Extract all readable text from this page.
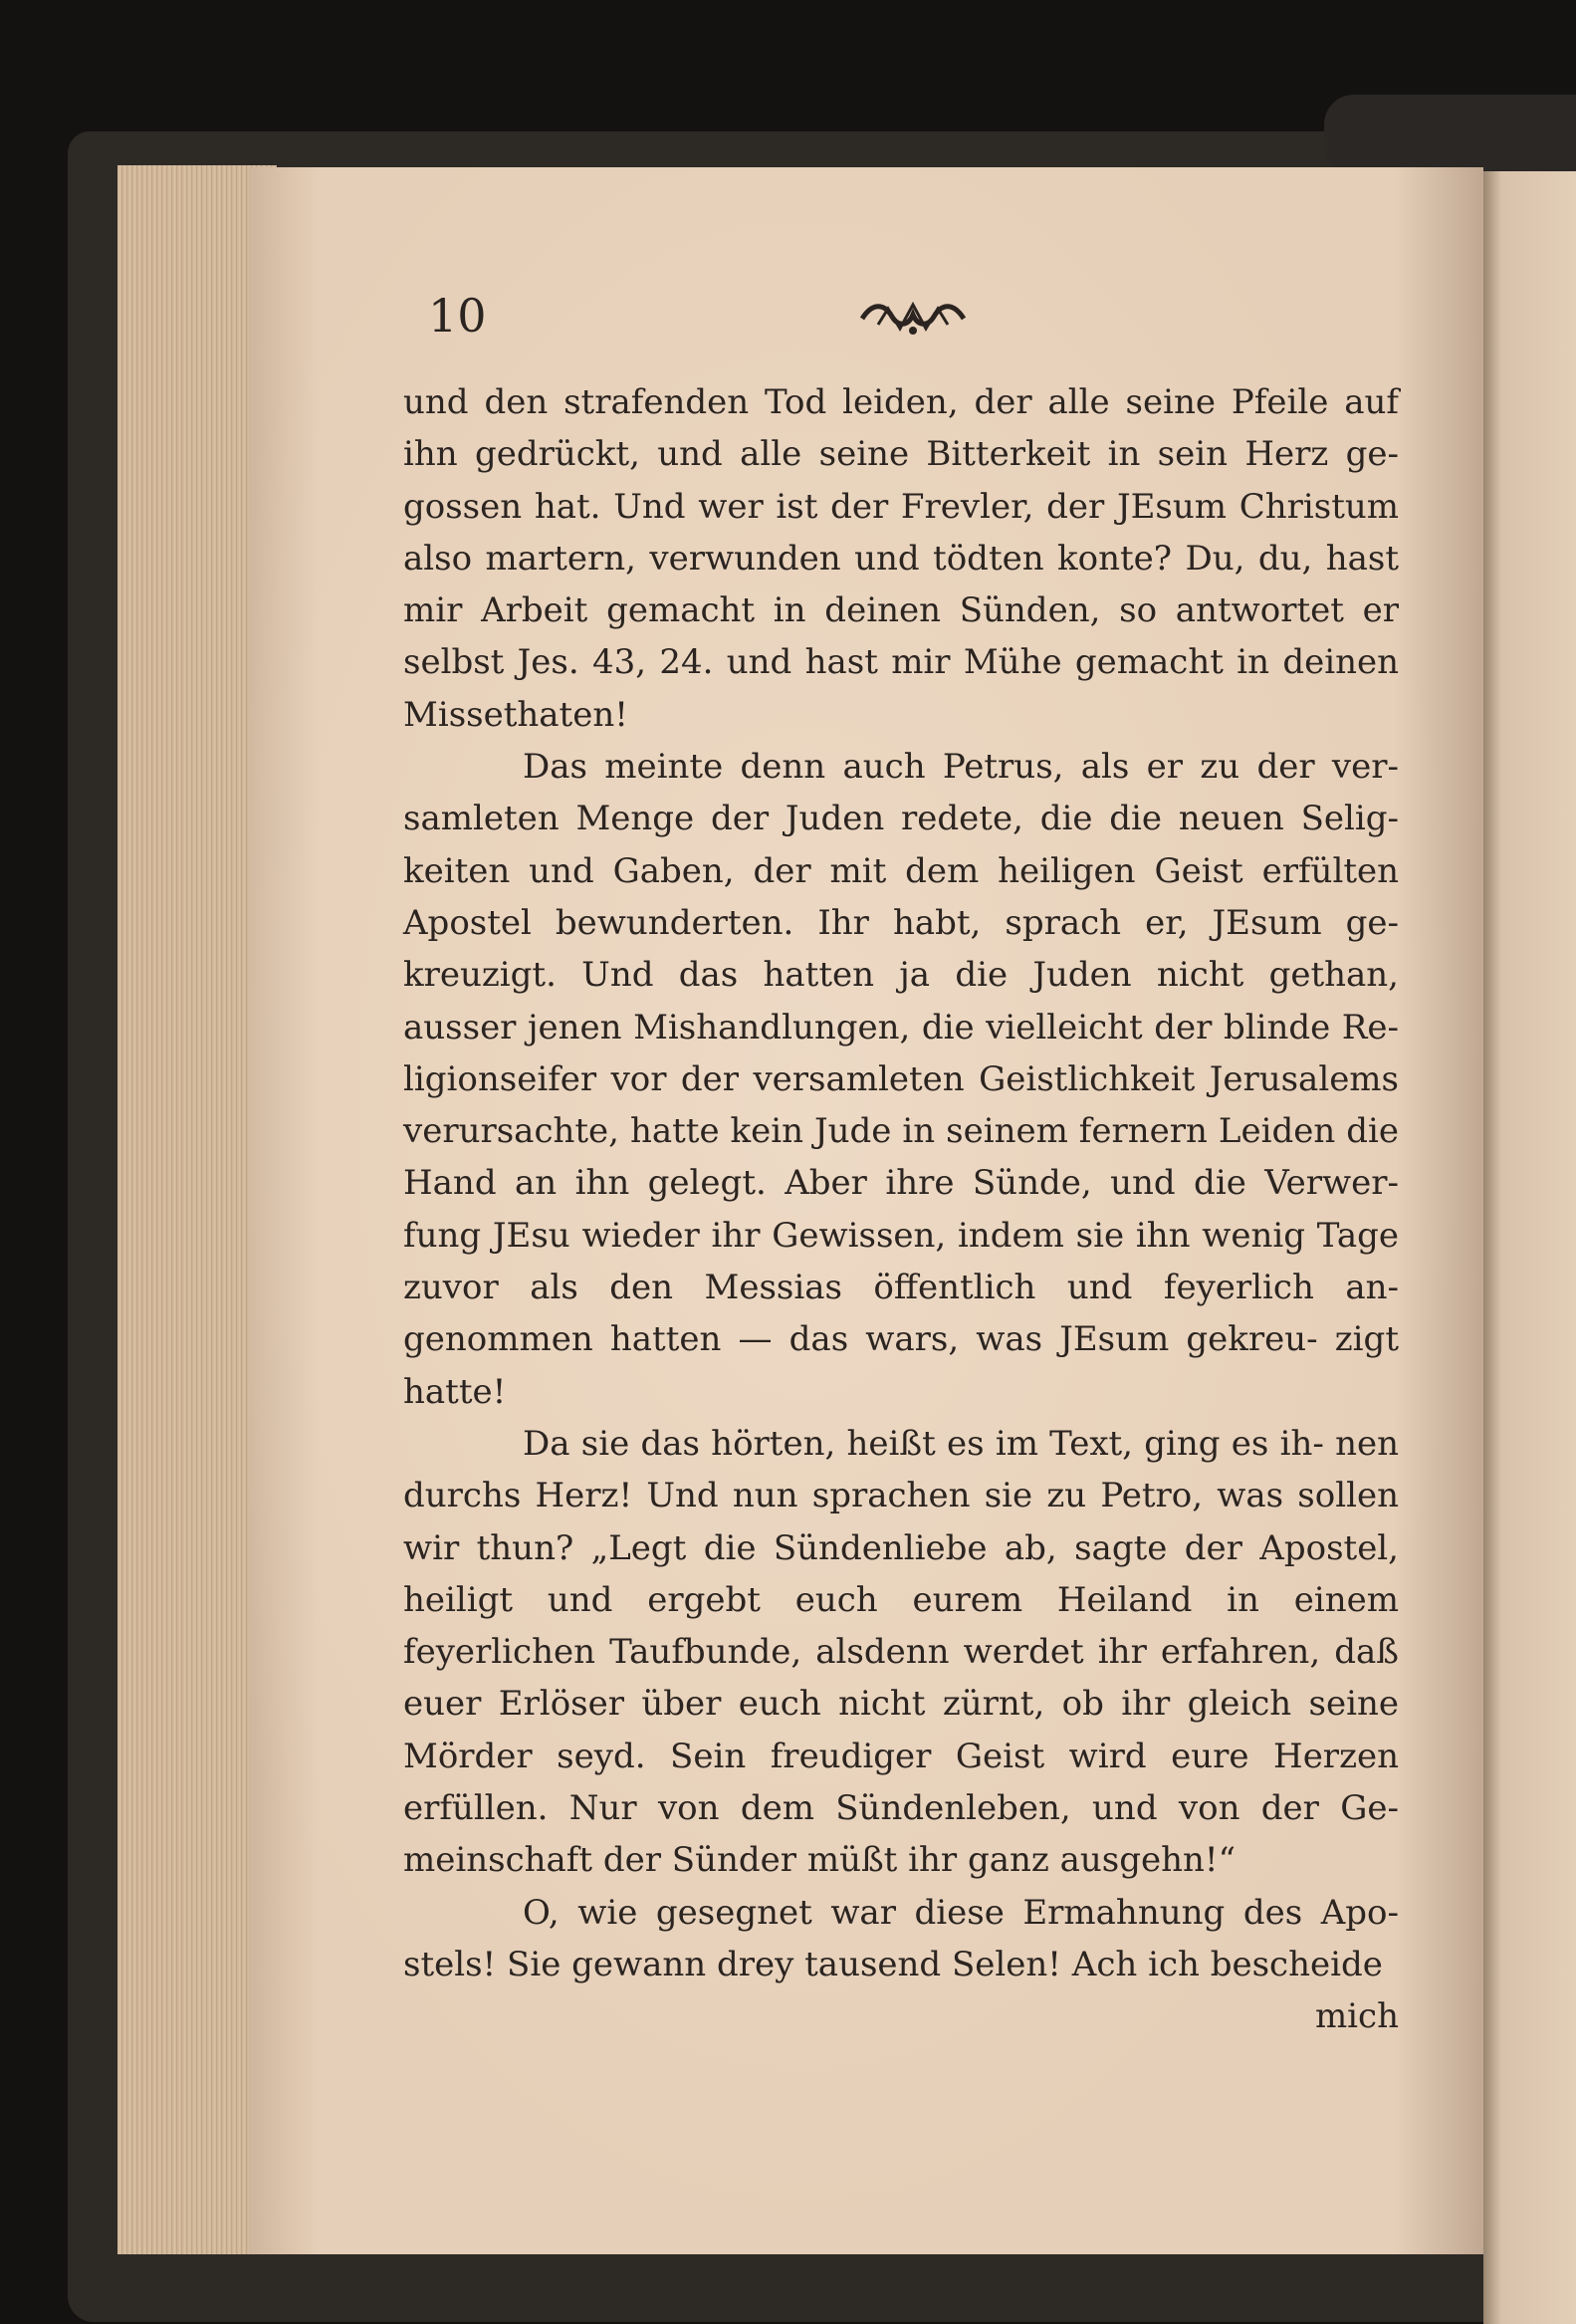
10

und den strafenden Tod leiden, der alle seine Pfeile auf ihn gedrückt, und alle seine Bitterkeit in sein Herz ge- gossen hat. Und wer ist der Frevler, der JEsum Christum also martern, verwunden und tödten konte? Du, du, hast mir Arbeit gemacht in deinen Sünden, so antwortet er selbst Jes. 43, 24. und hast mir Mühe gemacht in deinen Missethaten!

Das meinte denn auch Petrus, als er zu der ver- samleten Menge der Juden redete, die die neuen Selig- keiten und Gaben, der mit dem heiligen Geist erfülten Apostel bewunderten. Ihr habt, sprach er, JEsum ge- kreuzigt. Und das hatten ja die Juden nicht gethan, ausser jenen Mishandlungen, die vielleicht der blinde Re- ligionseifer vor der versamleten Geistlichkeit Jerusalems verursachte, hatte kein Jude in seinem fernern Leiden die Hand an ihn gelegt. Aber ihre Sünde, und die Verwer- fung JEsu wieder ihr Gewissen, indem sie ihn wenig Tage zuvor als den Messias öffentlich und feyerlich an- genommen hatten — das wars, was JEsum gekreu- zigt hatte!

Da sie das hörten, heißt es im Text, ging es ih- nen durchs Herz! Und nun sprachen sie zu Petro, was sollen wir thun? „Legt die Sündenliebe ab, sagte der Apostel, heiligt und ergebt euch eurem Heiland in einem feyerlichen Taufbunde, alsdenn werdet ihr erfahren, daß euer Erlöser über euch nicht zürnt, ob ihr gleich seine Mörder seyd. Sein freudiger Geist wird eure Herzen erfüllen. Nur von dem Sündenleben, und von der Ge- meinschaft der Sünder müßt ihr ganz ausgehn!“

O, wie gesegnet war diese Ermahnung des Apo- stels! Sie gewann drey tausend Selen! Ach ich bescheide

mich
